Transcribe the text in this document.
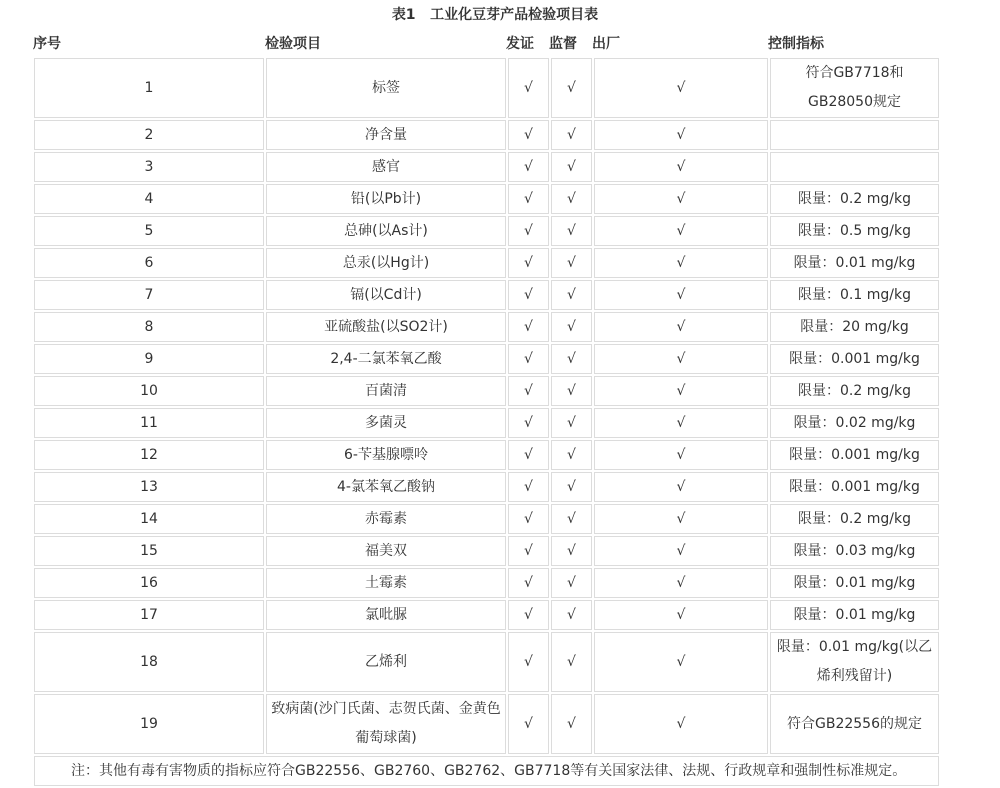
表1   工业化豆芽产品检验项目表
序号	检验项目	发证 监督 出厂	控制指标
1	标签	√	√	√	符合GB7718和GB28050规定
2	净含量	√	√	√	
3	感官	√	√	√	
4	铅(以Pb计)	√	√	√	限量：0.2 mg/kg
5	总砷(以As计)	√	√	√	限量：0.5 mg/kg
6	总汞(以Hg计)	√	√	√	限量：0.01 mg/kg
7	镉(以Cd计)	√	√	√	限量：0.1 mg/kg
8	亚硫酸盐(以SO2计)	√	√	√	限量：20 mg/kg
9	2,4-二氯苯氧乙酸	√	√	√	限量：0.001 mg/kg
10	百菌清	√	√	√	限量：0.2 mg/kg
11	多菌灵	√	√	√	限量：0.02 mg/kg
12	6-苄基腺嘌呤	√	√	√	限量：0.001 mg/kg
13	4-氯苯氧乙酸钠	√	√	√	限量：0.001 mg/kg
14	赤霉素	√	√	√	限量：0.2 mg/kg
15	福美双	√	√	√	限量：0.03 mg/kg
16	土霉素	√	√	√	限量：0.01 mg/kg
17	氯吡脲	√	√	√	限量：0.01 mg/kg
18	乙烯利	√	√	√	限量：0.01 mg/kg(以乙烯利残留计)
19	致病菌(沙门氏菌、志贺氏菌、金黄色葡萄球菌)	√	√	√	符合GB22556的规定
注：其他有毒有害物质的指标应符合GB22556、GB2760、GB2762、GB7718等有关国家法律、法规、行政规章和强制性标准规定。					
